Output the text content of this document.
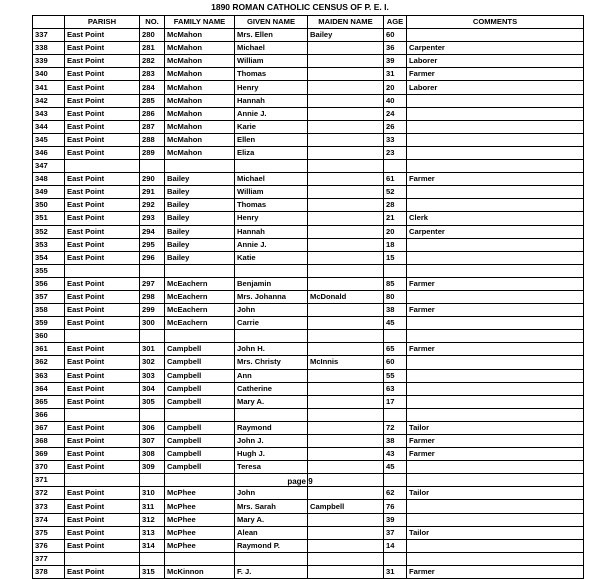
1890 ROMAN CATHOLIC CENSUS OF P. E. I.
	PARISH	NO.	FAMILY NAME	GIVEN NAME	MAIDEN NAME	AGE	COMMENTS
337	East Point	280	McMahon	Mrs. Ellen	Bailey	60	
338	East Point	281	McMahon	Michael		36	Carpenter
339	East Point	282	McMahon	William		39	Laborer
340	East Point	283	McMahon	Thomas		31	Farmer
341	East Point	284	McMahon	Henry		20	Laborer
342	East Point	285	McMahon	Hannah		40	
343	East Point	286	McMahon	Annie J.		24	
344	East Point	287	McMahon	Karie		26	
345	East Point	288	McMahon	Ellen		33	
346	East Point	289	McMahon	Eliza		23	
347							
348	East Point	290	Bailey	Michael		61	Farmer
349	East Point	291	Bailey	William		52	
350	East Point	292	Bailey	Thomas		28	
351	East Point	293	Bailey	Henry		21	Clerk
352	East Point	294	Bailey	Hannah		20	Carpenter
353	East Point	295	Bailey	Annie J.		18	
354	East Point	296	Bailey	Katie		15	
355							
356	East Point	297	McEachern	Benjamin		85	Farmer
357	East Point	298	McEachern	Mrs. Johanna	McDonald	80	
358	East Point	299	McEachern	John		38	Farmer
359	East Point	300	McEachern	Carrie		45	
360							
361	East Point	301	Campbell	John H.		65	Farmer
362	East Point	302	Campbell	Mrs. Christy	McInnis	60	
363	East Point	303	Campbell	Ann		55	
364	East Point	304	Campbell	Catherine		63	
365	East Point	305	Campbell	Mary A.		17	
366							
367	East Point	306	Campbell	Raymond		72	Tailor
368	East Point	307	Campbell	John J.		38	Farmer
369	East Point	308	Campbell	Hugh J.		43	Farmer
370	East Point	309	Campbell	Teresa		45	
371							
372	East Point	310	McPhee	John		62	Tailor
373	East Point	311	McPhee	Mrs. Sarah	Campbell	76	
374	East Point	312	McPhee	Mary A.		39	
375	East Point	313	McPhee	Alean		37	Tailor
376	East Point	314	McPhee	Raymond P.		14	
377							
378	East Point	315	McKinnon	F. J.		31	Farmer
page 9
